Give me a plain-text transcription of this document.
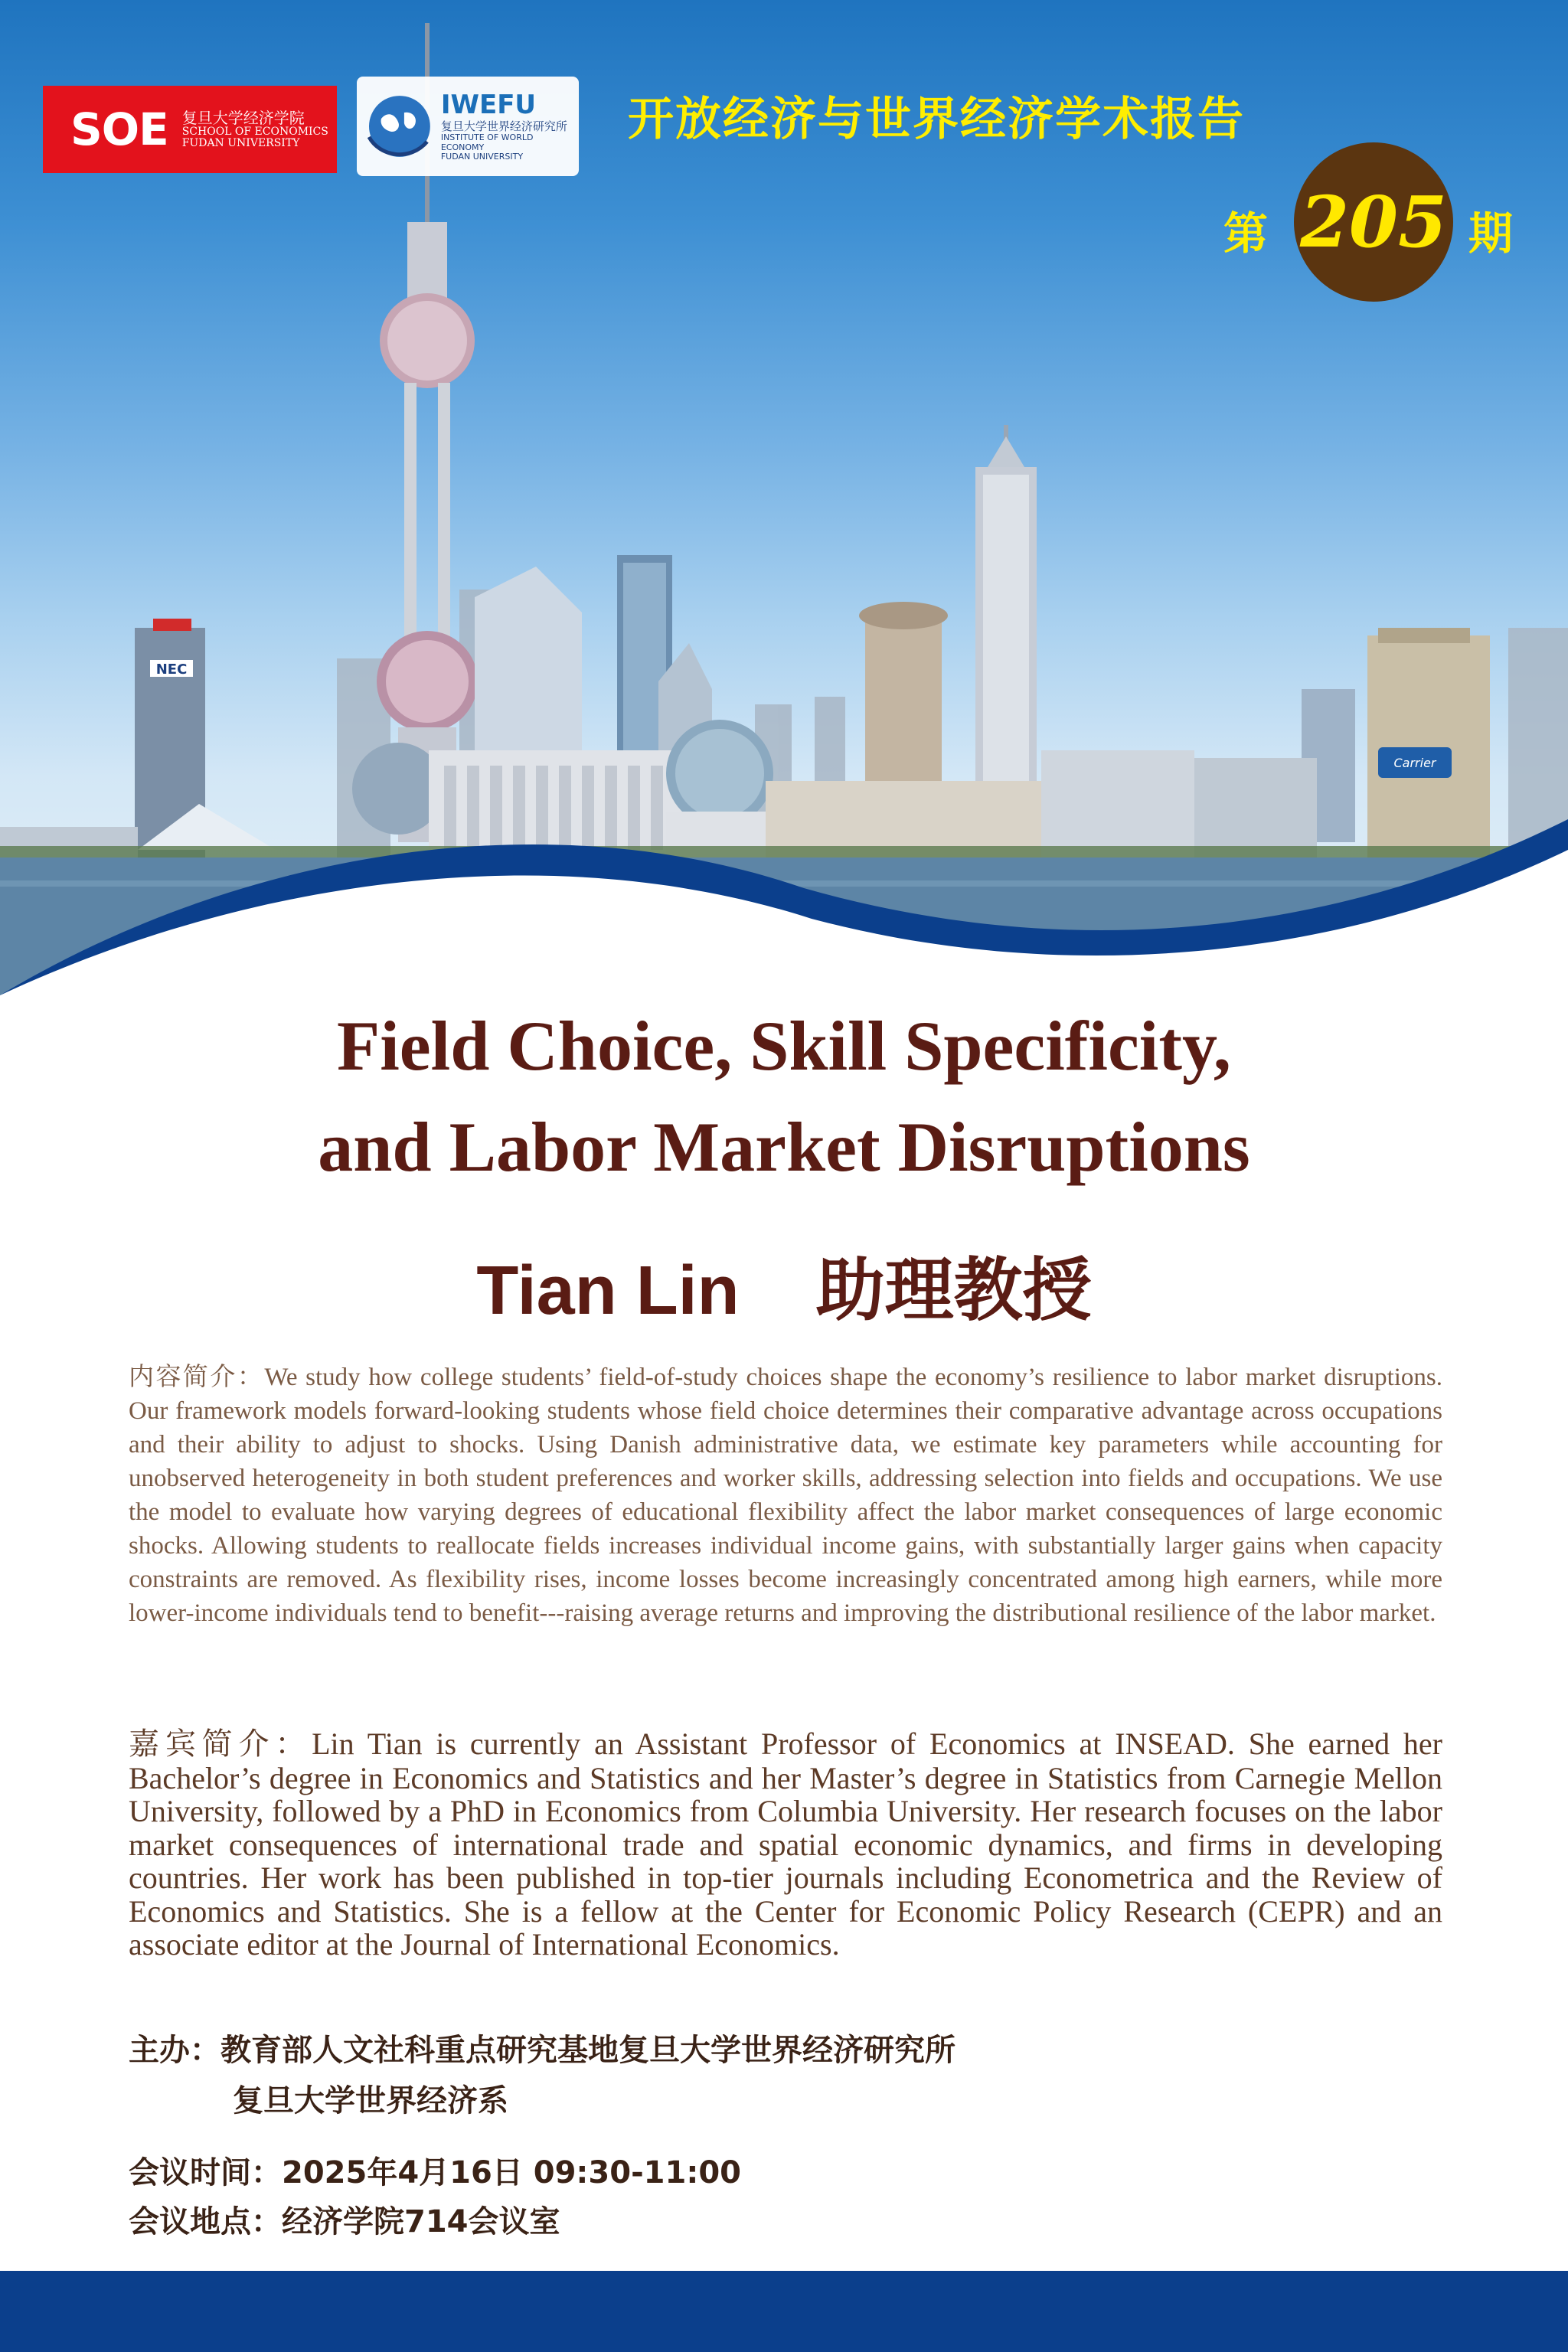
NEC
Carrier
SOE 复旦大学经济学院
SCHOOL OF ECONOMICS
FUDAN UNIVERSITY
IWEFU
复旦大学世界经济研究所
INSTITUTE OF WORLD ECONOMY
FUDAN UNIVERSITY
开放经济与世界经济学术报告
第 205 期
Field Choice, Skill Specificity,
and Labor Market Disruptions
Tian Lin 助理教授

内容简介：We study how college students’ field-of-study choices shape the economy’s resilience to labor market disruptions. Our framework models forward-looking students whose field choice determines their comparative advantage across occupations and their ability to adjust to shocks. Using Danish administrative data, we estimate key parameters while accounting for unobserved heterogeneity in both student preferences and worker skills, addressing selection into fields and occupations. We use the model to evaluate how varying degrees of educational flexibility affect the labor market consequences of large economic shocks. Allowing students to reallocate fields increases individual income gains, with substantially larger gains when capacity constraints are removed. As flexibility rises, income losses become increasingly concentrated among high earners, while more lower-income individuals tend to benefit---raising average returns and improving the distributional resilience of the labor market.

嘉宾简介：Lin Tian is currently an Assistant Professor of Economics at INSEAD. She earned her Bachelor’s degree in Economics and Statistics and her Master’s degree in Statistics from Carnegie Mellon University, followed by a PhD in Economics from Columbia University. Her research focuses on the labor market consequences of international trade and spatial economic dynamics, and firms in developing countries. Her work has been published in top-tier journals including Econometrica and the Review of Economics and Statistics. She is a fellow at the Center for Economic Policy Research (CEPR) and an associate editor at the Journal of International Economics.

主办：教育部人文社科重点研究基地复旦大学世界经济研究所
复旦大学世界经济系
会议时间：2025年4月16日 09:30-11:00
会议地点：经济学院714会议室
